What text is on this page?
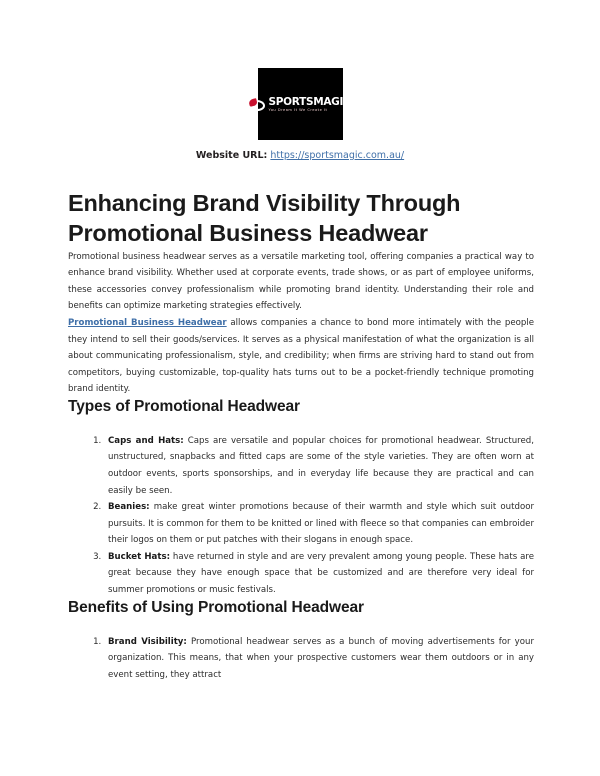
SPORTSMAGIC
You Dream It We Create It
Website URL: https://sportsmagic.com.au/
Enhancing Brand Visibility Through Promotional Business Headwear

Promotional business headwear serves as a versatile marketing tool, offering companies a practical way to enhance brand visibility. Whether used at corporate events, trade shows, or as part of employee uniforms, these accessories convey professionalism while promoting brand identity. Understanding their role and benefits can optimize marketing strategies effectively.

Promotional Business Headwear allows companies a chance to bond more intimately with the people they intend to sell their goods/services. It serves as a physical manifestation of what the organization is all about communicating professionalism, style, and credibility; when firms are striving hard to stand out from competitors, buying customizable, top-quality hats turns out to be a pocket-friendly technique promoting brand identity.

Types of Promotional Headwear
1. Caps and Hats: Caps are versatile and popular choices for promotional headwear. Structured, unstructured, snapbacks and fitted caps are some of the style varieties. They are often worn at outdoor events, sports sponsorships, and in everyday life because they are practical and can easily be seen.
2. Beanies: make great winter promotions because of their warmth and style which suit outdoor pursuits. It is common for them to be knitted or lined with fleece so that companies can embroider their logos on them or put patches with their slogans in enough space.
3. Bucket Hats: have returned in style and are very prevalent among young people. These hats are great because they have enough space that be customized and are therefore very ideal for summer promotions or music festivals.
Benefits of Using Promotional Headwear
1. Brand Visibility: Promotional headwear serves as a bunch of moving advertisements for your organization. This means, that when your prospective customers wear them outdoors or in any event setting, they attract
